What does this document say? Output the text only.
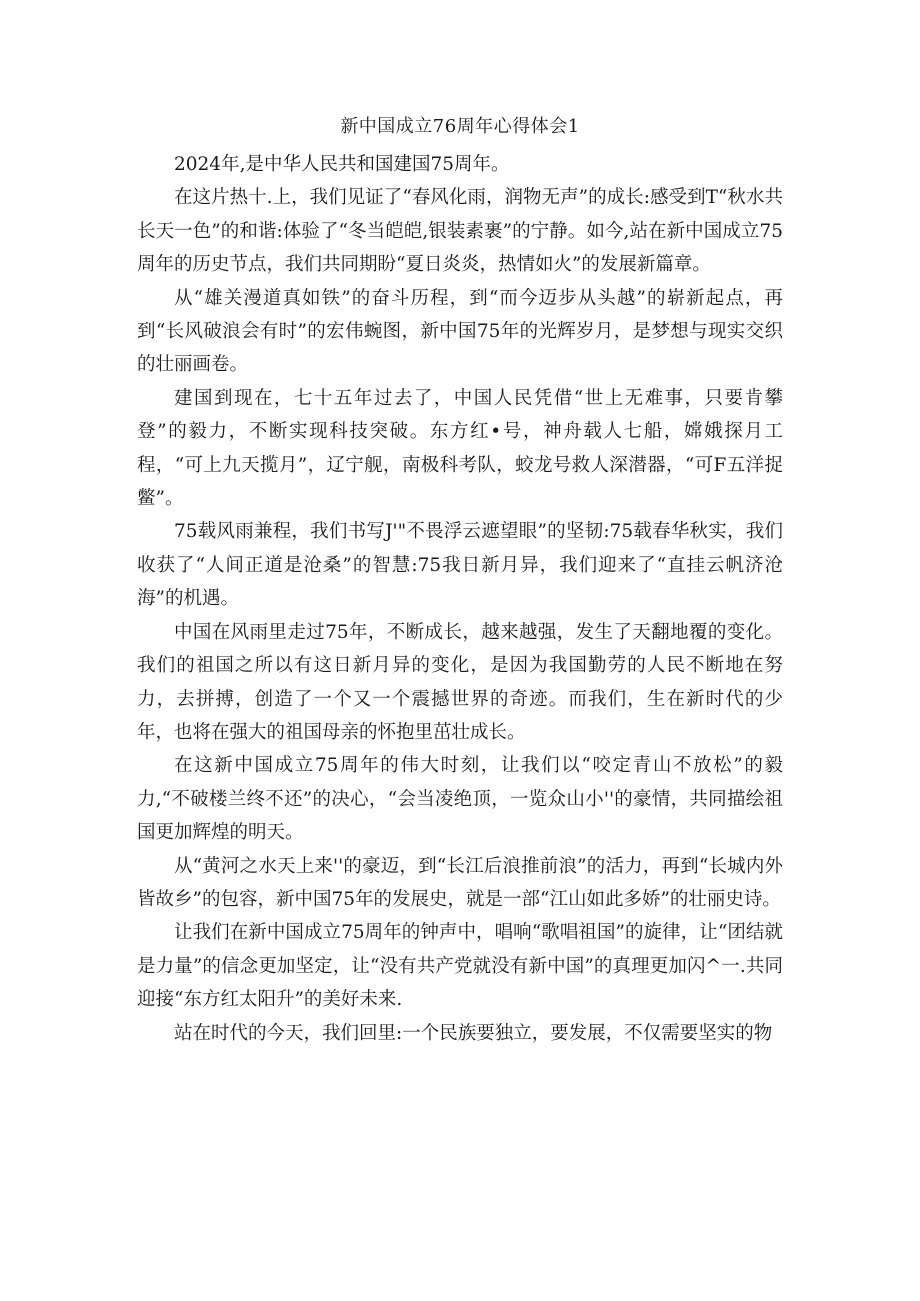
新中国成立76周年心得体会1

2024年,是中华人民共和国建国75周年。

在这片热十.上，我们见证了“春风化雨，润物无声”的成长:感受到T“秋水共长天一色”的和谐:体验了“冬当皑皑,银装素裹”的宁静。如今,站在新中国成立75周年的历史节点，我们共同期盼“夏日炎炎，热情如火”的发展新篇章。

从“雄关漫道真如铁”的奋斗历程，到“而今迈步从头越”的崭新起点，再到“长风破浪会有时”的宏伟蜿图，新中国75年的光辉岁月，是梦想与现实交织的壮丽画卷。

建国到现在，七十五年过去了，中国人民凭借“世上无难事，只要肯攀登”的毅力，不断实现科技突破。东方红•号，神舟载人七船，嫦娥探月工程，“可上九天揽月”，辽宁舰，南极科考队，蛟龙号救人深潜器，“可F五洋捉鳖”。

75载风雨兼程，我们书写J'"不畏浮云遮望眼”的坚韧:75载春华秋实，我们收获了“人间正道是沧桑”的智慧:75我日新月异，我们迎来了“直挂云帆济沧海”的机遇。

中国在风雨里走过75年，不断成长，越来越强，发生了天翻地覆的变化。我们的祖国之所以有这日新月异的变化，是因为我国勤劳的人民不断地在努力，去拼搏，创造了一个又一个震撼世界的奇迹。而我们，生在新时代的少年，也将在强大的祖国母亲的怀抱里茁壮成长。

在这新中国成立75周年的伟大时刻，让我们以“咬定青山不放松”的毅力,“不破楼兰终不还”的决心，“会当凌绝顶，一览众山小''的豪情，共同描绘祖国更加辉煌的明天。

从“黄河之水天上来''的豪迈，到“长江后浪推前浪”的活力，再到“长城内外皆故乡”的包容，新中国75年的发展史，就是一部“江山如此多娇”的壮丽史诗。

让我们在新中国成立75周年的钟声中，唱响“歌唱祖国”的旋律，让“团结就是力量”的信念更加坚定，让“没有共产党就没有新中国”的真理更加闪^一.共同迎接“东方红太阳升”的美好未来.

站在时代的今天，我们回里:一个民族要独立，要发展，不仅需要坚实的物
